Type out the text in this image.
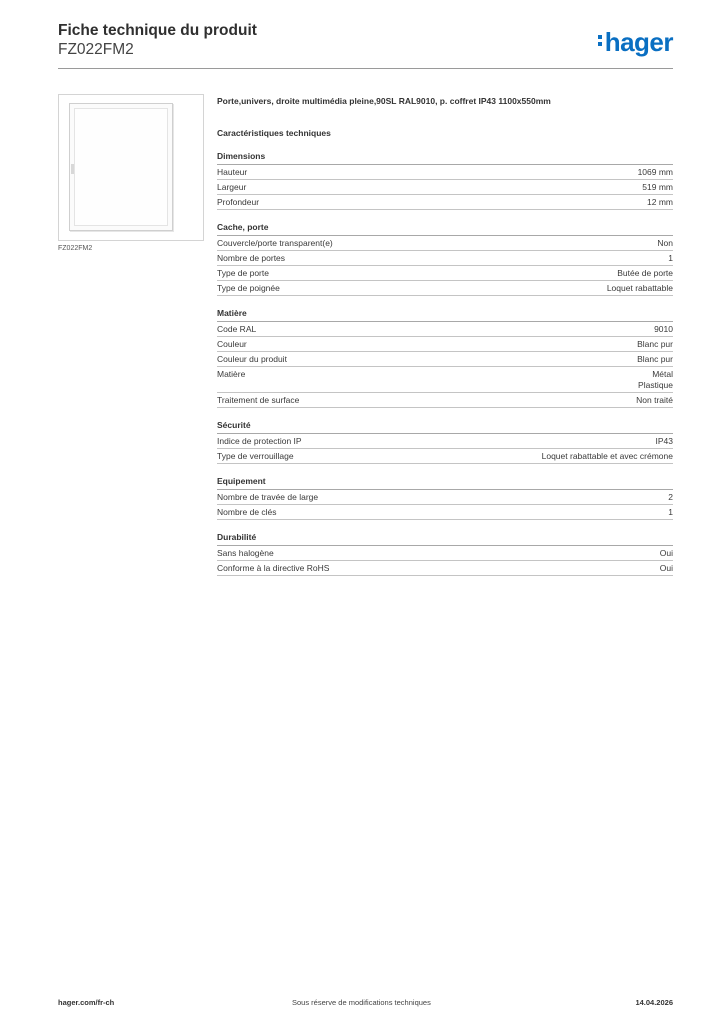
Fiche technique du produit
FZ022FM2	hager
FZ022FM2
Porte,univers, droite multimédia pleine,90SL RAL9010, p. coffret IP43 1100x550mm
Caractéristiques techniques
Dimensions
Hauteur	1069 mm
Largeur	519 mm
Profondeur	12 mm
Cache, porte
Couvercle/porte transparent(e)	Non
Nombre de portes	1
Type de porte	Butée de porte
Type de poignée	Loquet rabattable
Matière
Code RAL	9010
Couleur	Blanc pur
Couleur du produit	Blanc pur
Matière	Métal
Plastique
Traitement de surface	Non traité
Sécurité
Indice de protection IP	IP43
Type de verrouillage	Loquet rabattable et avec crémone
Equipement
Nombre de travée de large	2
Nombre de clés	1
Durabilité
Sans halogène	Oui
Conforme à la directive RoHS	Oui
hager.com/fr-ch	Sous réserve de modifications techniques	14.04.2026
